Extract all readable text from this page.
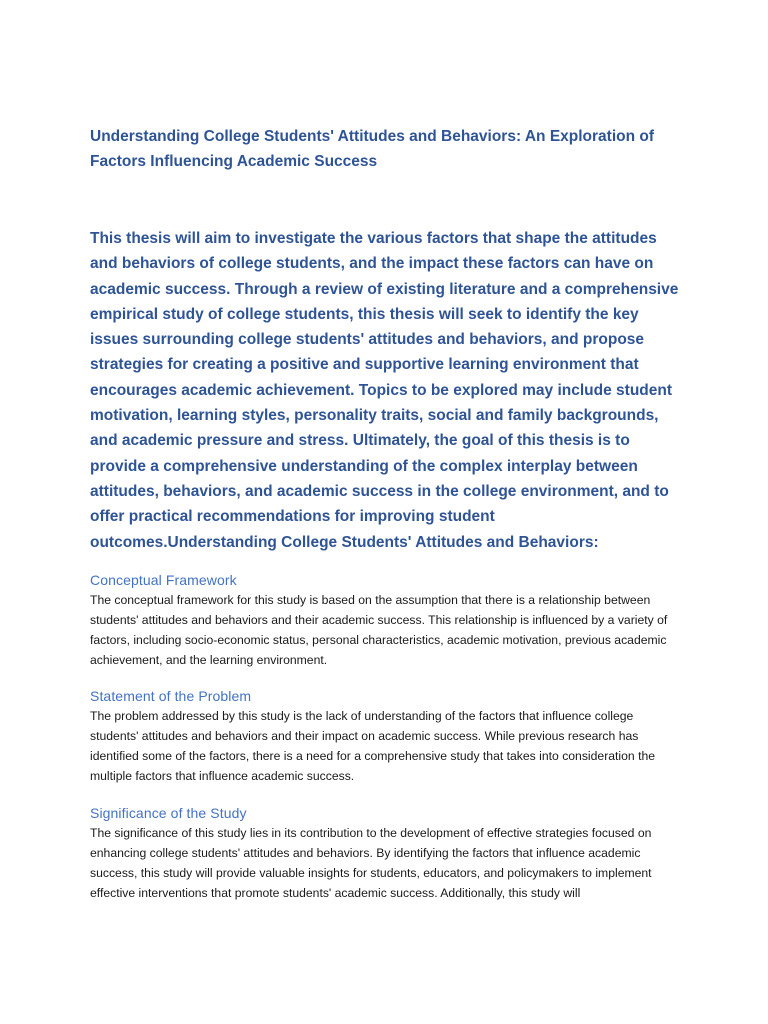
Understanding College Students' Attitudes and Behaviors: An Exploration of Factors Influencing Academic Success

This thesis will aim to investigate the various factors that shape the attitudes and behaviors of college students, and the impact these factors can have on academic success. Through a review of existing literature and a comprehensive empirical study of college students, this thesis will seek to identify the key issues surrounding college students' attitudes and behaviors, and propose strategies for creating a positive and supportive learning environment that encourages academic achievement. Topics to be explored may include student motivation, learning styles, personality traits, social and family backgrounds, and academic pressure and stress. Ultimately, the goal of this thesis is to provide a comprehensive understanding of the complex interplay between attitudes, behaviors, and academic success in the college environment, and to offer practical recommendations for improving student outcomes.Understanding College Students' Attitudes and Behaviors:

Conceptual Framework

The conceptual framework for this study is based on the assumption that there is a relationship between students' attitudes and behaviors and their academic success. This relationship is influenced by a variety of factors, including socio-economic status, personal characteristics, academic motivation, previous academic achievement, and the learning environment.

Statement of the Problem

The problem addressed by this study is the lack of understanding of the factors that influence college students' attitudes and behaviors and their impact on academic success. While previous research has identified some of the factors, there is a need for a comprehensive study that takes into consideration the multiple factors that influence academic success.

Significance of the Study

The significance of this study lies in its contribution to the development of effective strategies focused on enhancing college students' attitudes and behaviors. By identifying the factors that influence academic success, this study will provide valuable insights for students, educators, and policymakers to implement effective interventions that promote students' academic success. Additionally, this study will
